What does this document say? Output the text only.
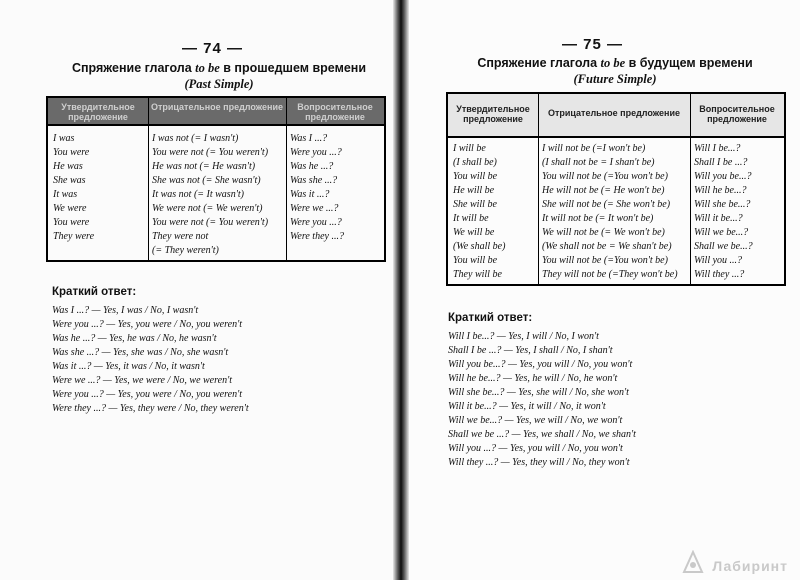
— 74 —
Спряжение глагола to be в прошедшем времени
(Past Simple)
Утвердительное предложение
Отрицательное предложение	Вопросительное предложение
I was
You were
He was
She was
It was
We were
You were
They were
I was not (= I wasn't)
You were not (= You weren't)
He was not (= He wasn't)
She was not (= She wasn't)
It was not (= It wasn't)
We were not (= We weren't)
You were not (= You weren't)
They were not
(= They weren't)
Was I ...?
Were you ...?
Was he ...?
Was she ...?
Was it ...?
Were we ...?
Were you ...?
Were they ...?
Краткий ответ:
Was I ...? — Yes, I was / No, I wasn't
Were you ...? — Yes, you were / No, you weren't
Was he ...? — Yes, he was / No, he wasn't
Was she ...? — Yes, she was / No, she wasn't
Was it ...? — Yes, it was / No, it wasn't
Were we ...? — Yes, we were / No, we weren't
Were you ...? — Yes, you were / No, you weren't
Were they ...? — Yes, they were / No, they weren't
— 75 —
Спряжение глагола to be в будущем времени
(Future Simple)
Утвердительное предложение
Отрицательное предложение	Вопросительное предложение
I will be
(I shall be)
You will be
He will be
She will be
It will be
We will be
(We shall be)
You will be
They will be
I will not be (=I won't be)
(I shall not be = I shan't be)
You will not be (=You won't be)
He will not be (= He won't be)
She will not be (= She won't be)
It will not be (= It won't be)
We will not be (= We won't be)
(We shall not be = We shan't be)
You will not be (=You won't be)
They will not be (=They won't be)
Will I be...?
Shall I be ...?
Will you be...?
Will he be...?
Will she be...?
Will it be...?
Will we be...?
Shall we be...?
Will you ...?
Will they ...?
Краткий ответ:
Will I be...? — Yes, I will / No, I won't
Shall I be ...? — Yes, I shall / No, I shan't
Will you be...? — Yes, you will / No, you won't
Will he be...? — Yes, he will / No, he won't
Will she be...? — Yes, she will / No, she won't
Will it be...? — Yes, it will / No, it won't
Will we be...? — Yes, we will / No, we won't
Shall we be ...? — Yes, we shall / No, we shan't
Will you ...? — Yes, you will / No, you won't
Will they ...? — Yes, they will / No, they won't
Лабиринт
